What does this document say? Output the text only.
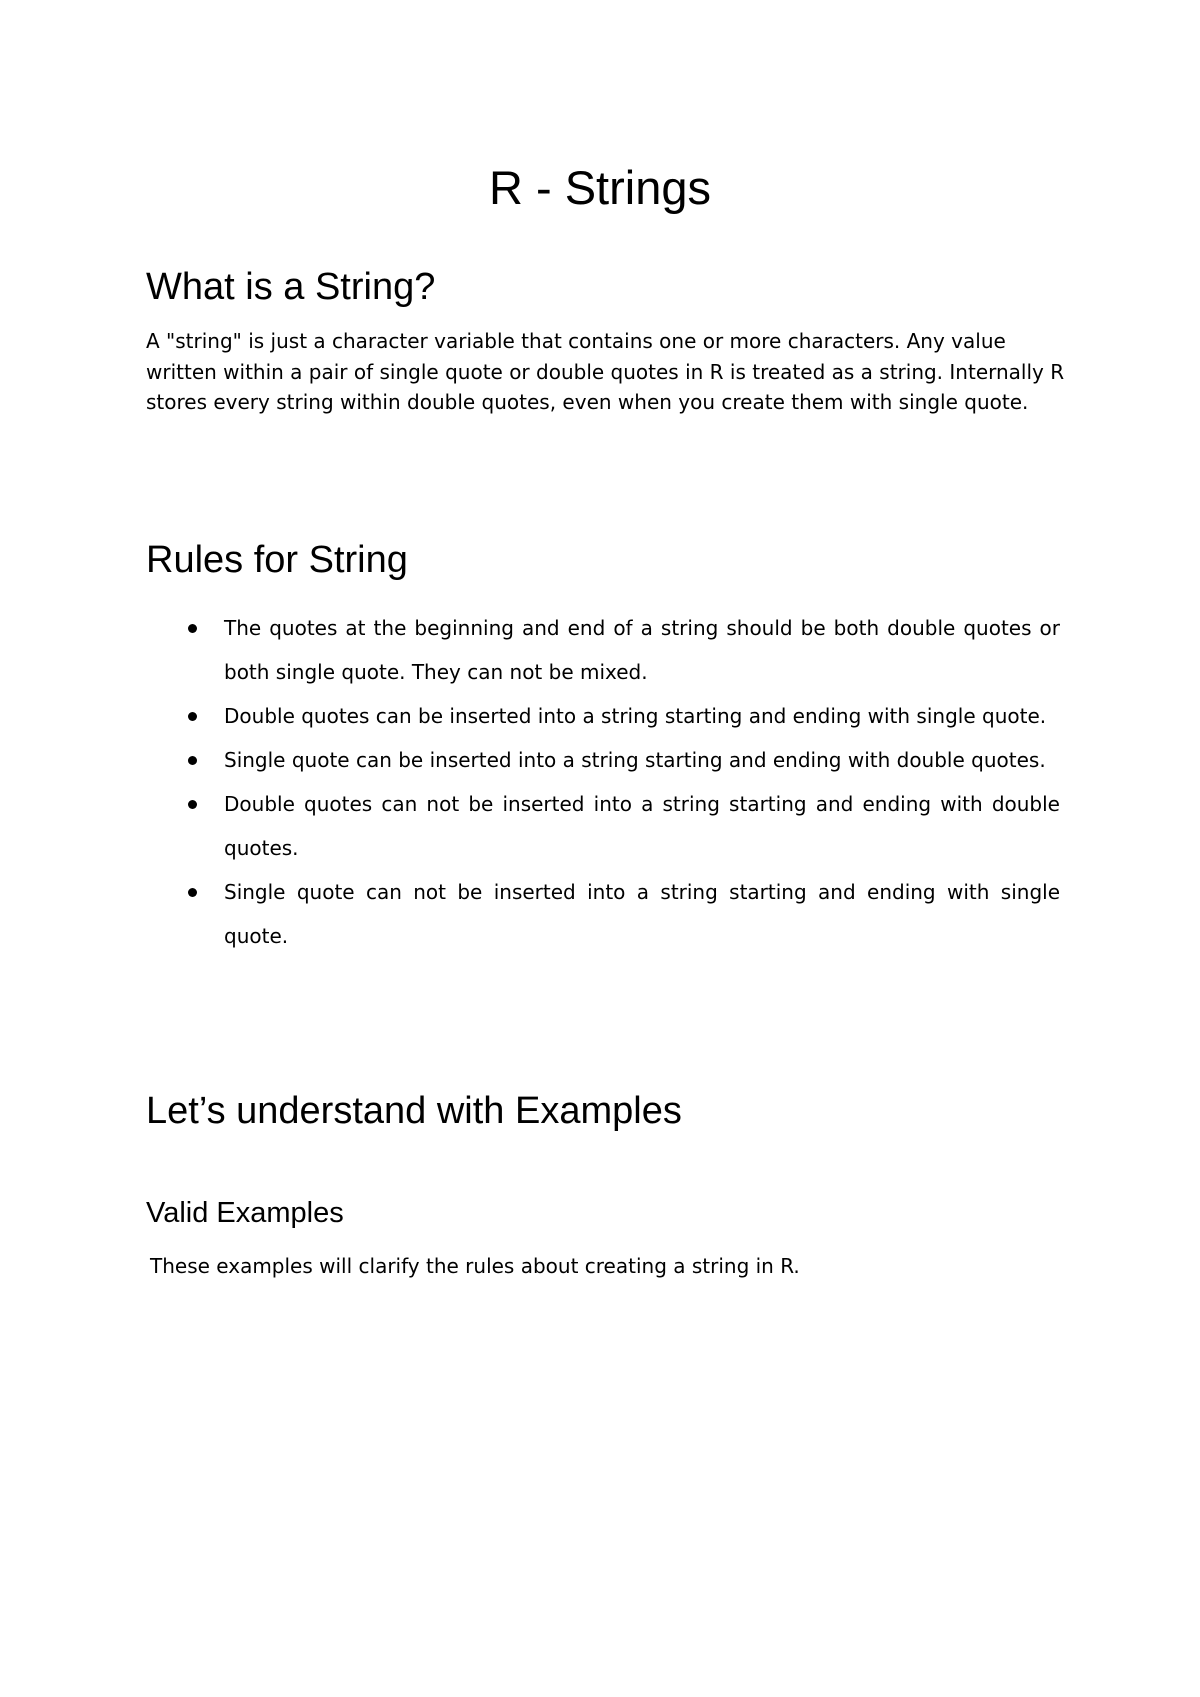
R - Strings
What is a String?

A "string" is just a character variable that contains one or more characters. Any value written within a pair of single quote or double quotes in R is treated as a string. Internally R stores every string within double quotes, even when you create them with single quote.

Rules for String
The quotes at the beginning and end of a string should be both double quotes or both single quote. They can not be mixed.
Double quotes can be inserted into a string starting and ending with single quote.
Single quote can be inserted into a string starting and ending with double quotes.
Double quotes can not be inserted into a string starting and ending with double quotes.
Single quote can not be inserted into a string starting and ending with single quote.
Let’s understand with Examples
Valid Examples

These examples will clarify the rules about creating a string in R.
